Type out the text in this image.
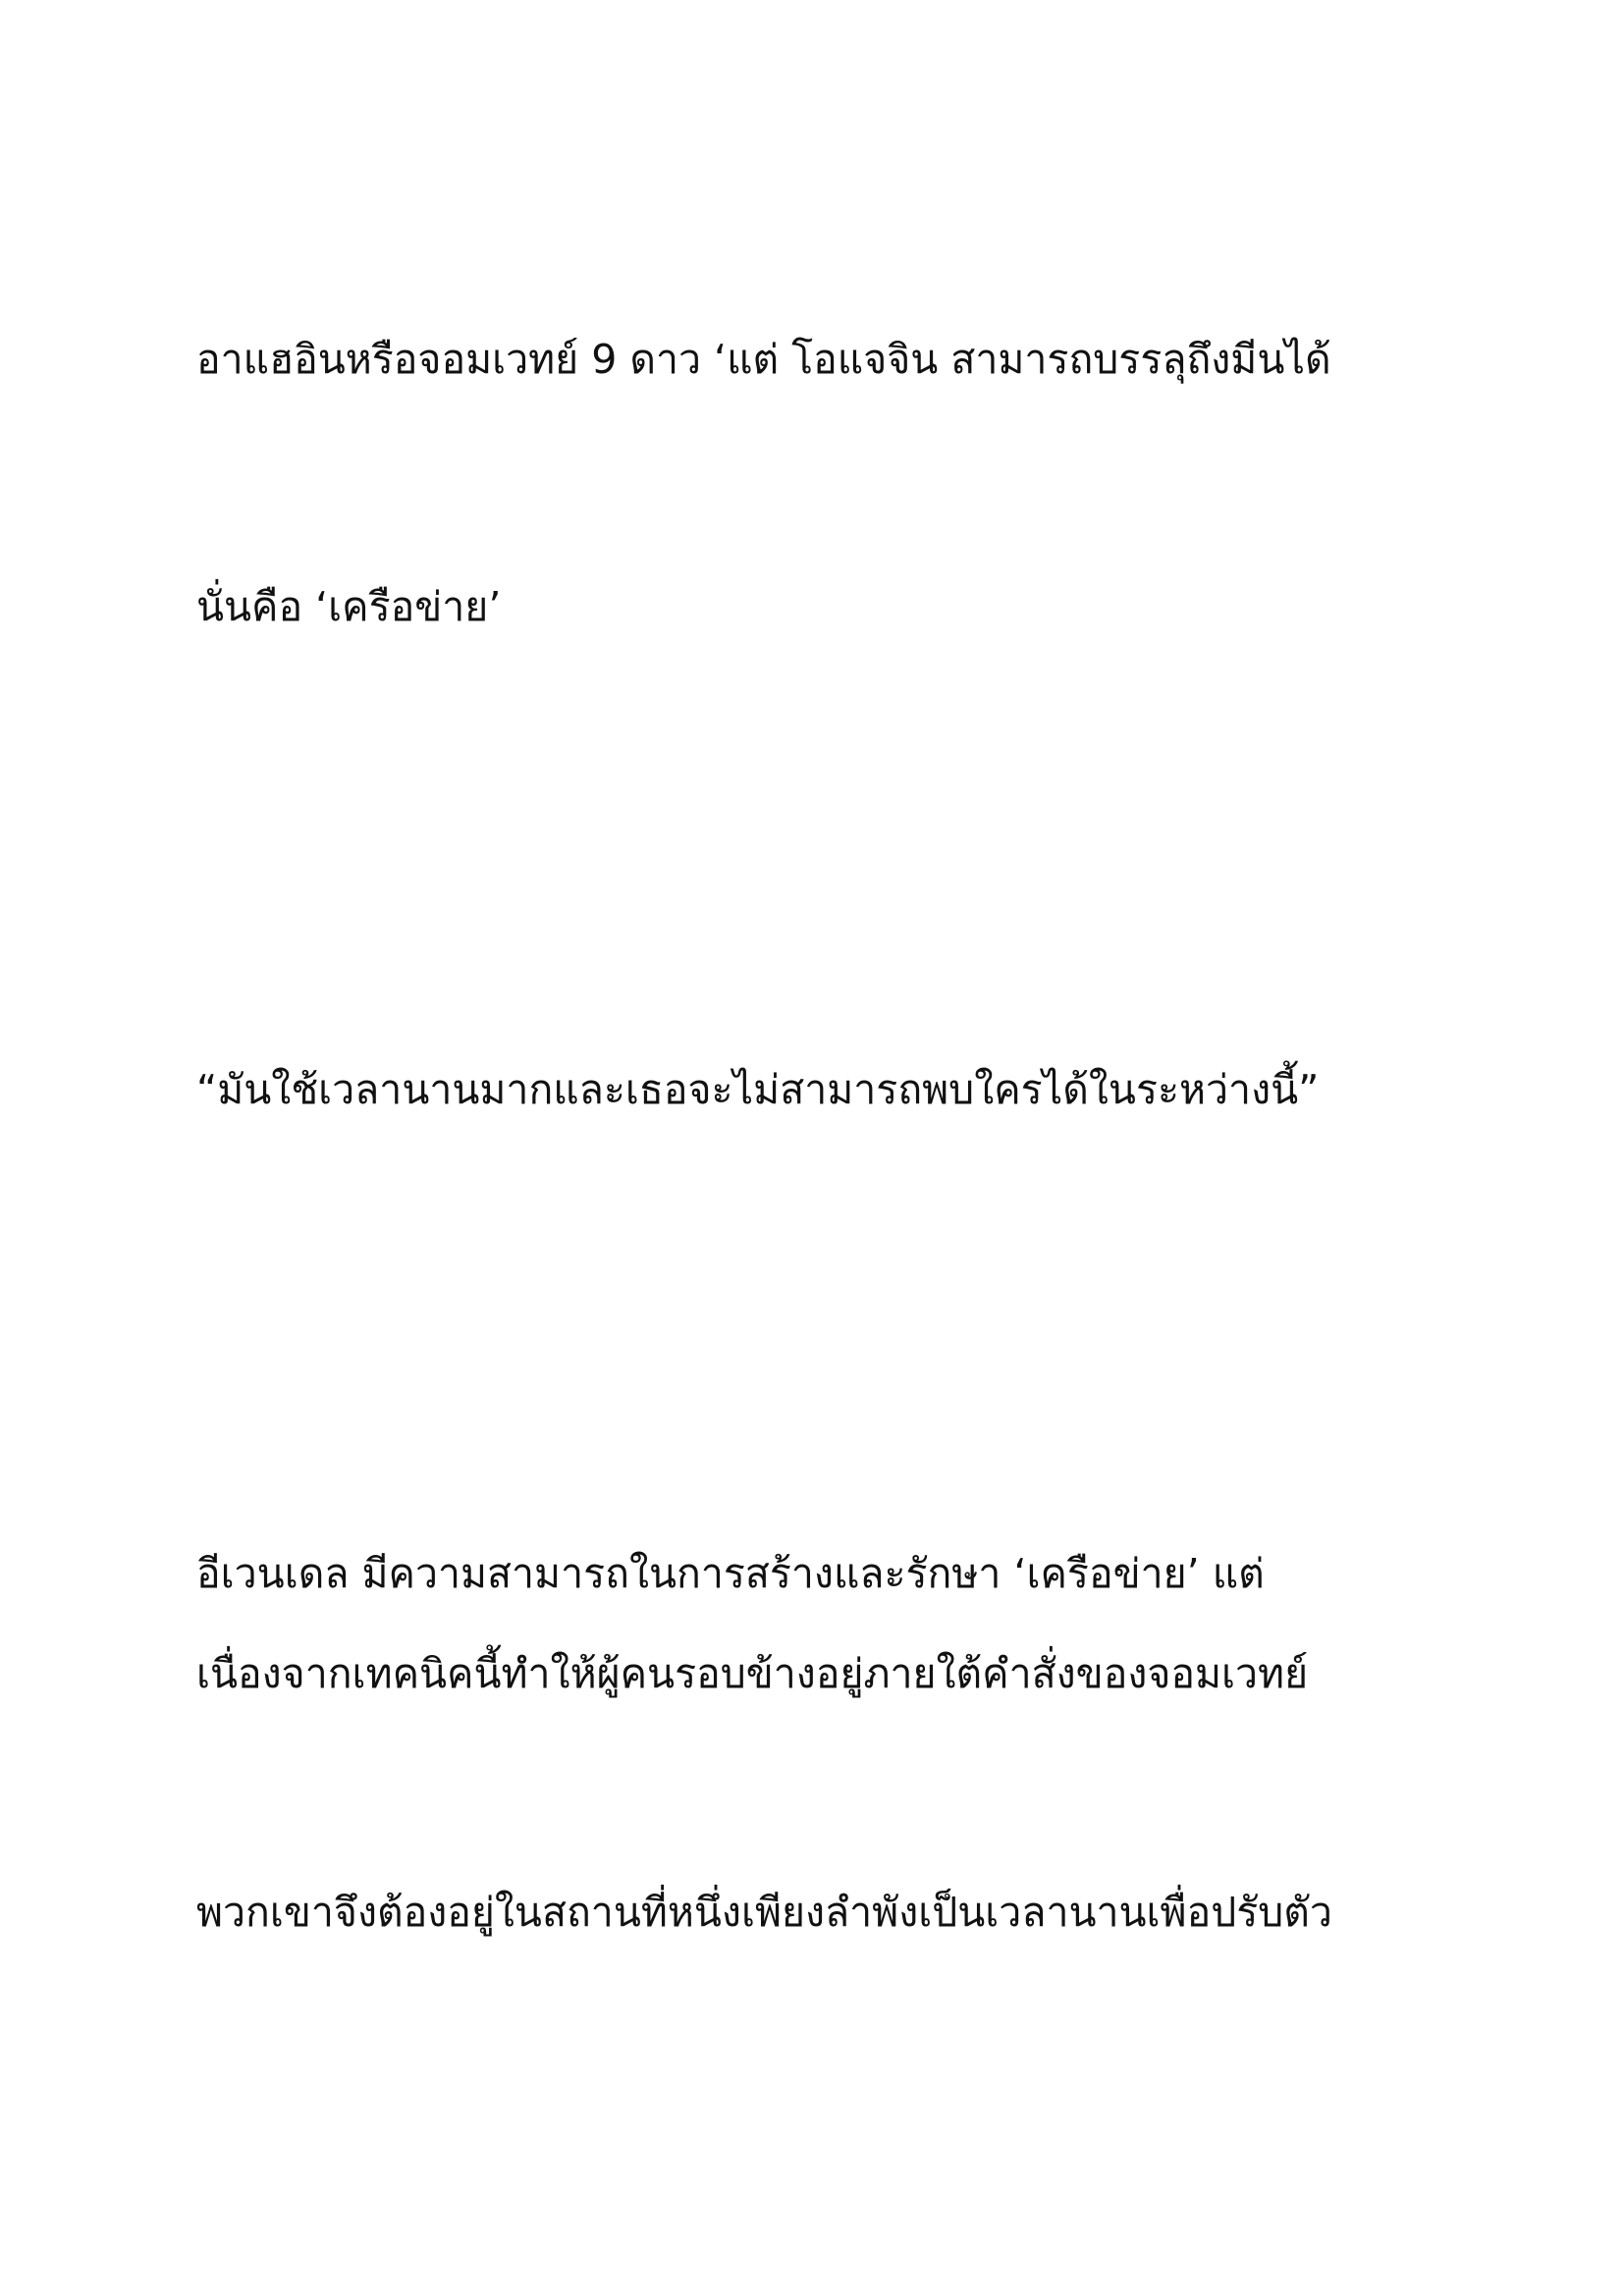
อาแฮอินหรือจอมเวทย์ 9 ดาว ‘แต่ โอแจจิน สามารถบรรลุถึงมีนได้

นั่นคือ ‘เครือข่าย’

“มันใช้เวลานานมากและเธอจะไม่สามารถพบใครได้ในระหว่างนี้”

อีเวนเดล มีความสามารถในการสร้างและรักษา ‘เครือข่าย’ แต่

เนื่องจากเทคนิคนี้ทำให้ผู้คนรอบข้างอยู่ภายใต้คำสั่งของจอมเวทย์

พวกเขาจึงต้องอยู่ในสถานที่หนึ่งเพียงลำพังเป็นเวลานานเพื่อปรับตัว
